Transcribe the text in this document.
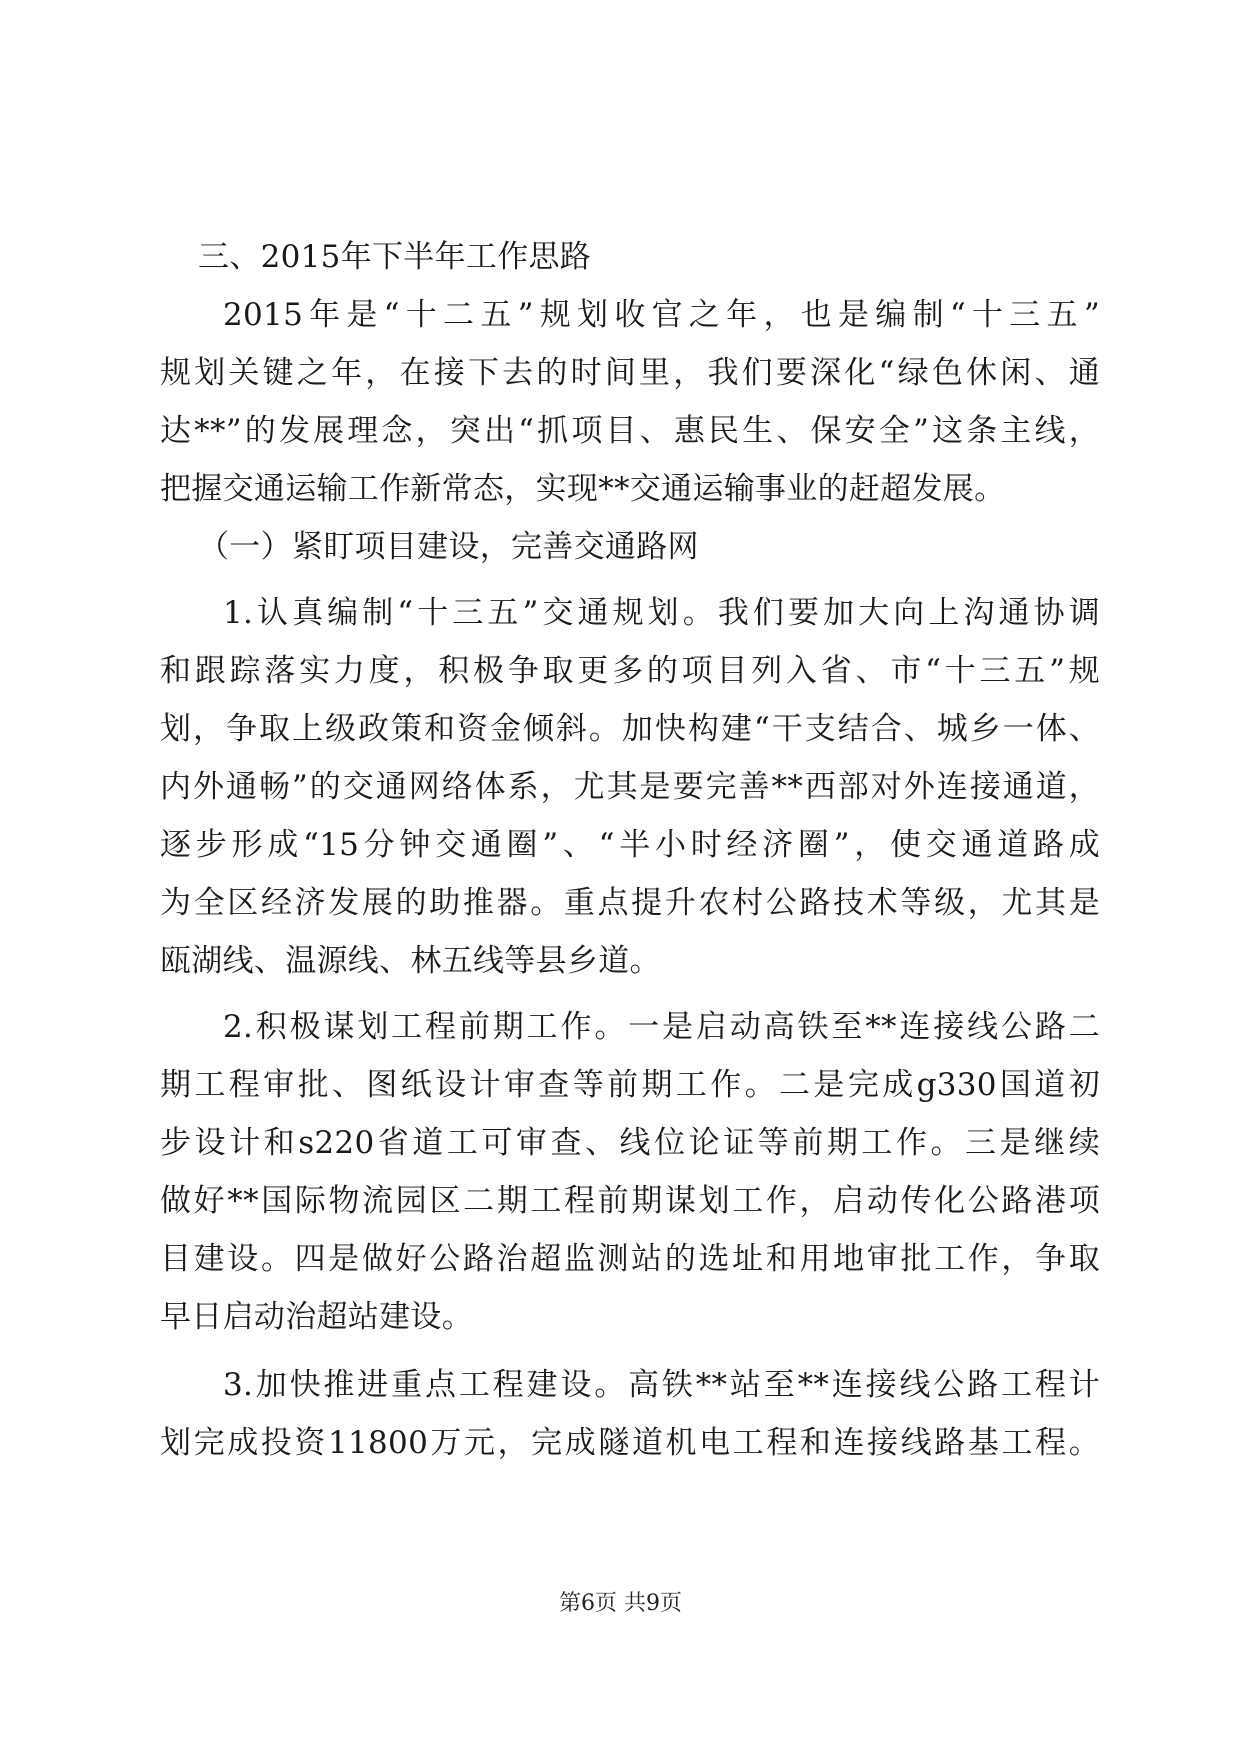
三、2015年下半年工作思路
2015年是“十二五”规划收官之年，也是编制“十三五”
规划关键之年，在接下去的时间里，我们要深化“绿色休闲、通
达**”的发展理念，突出“抓项目、惠民生、保安全”这条主线，
把握交通运输工作新常态，实现**交通运输事业的赶超发展。
（一）紧盯项目建设，完善交通路网
1.认真编制“十三五”交通规划。我们要加大向上沟通协调
和跟踪落实力度，积极争取更多的项目列入省、市“十三五”规
划，争取上级政策和资金倾斜。加快构建“干支结合、城乡一体、
内外通畅”的交通网络体系，尤其是要完善**西部对外连接通道，
逐步形成“15分钟交通圈”、“半小时经济圈”，使交通道路成
为全区经济发展的助推器。重点提升农村公路技术等级，尤其是
瓯湖线、温源线、林五线等县乡道。
2.积极谋划工程前期工作。一是启动高铁至**连接线公路二
期工程审批、图纸设计审查等前期工作。二是完成g330国道初
步设计和s220省道工可审查、线位论证等前期工作。三是继续
做好**国际物流园区二期工程前期谋划工作，启动传化公路港项
目建设。四是做好公路治超监测站的选址和用地审批工作，争取
早日启动治超站建设。
3.加快推进重点工程建设。高铁**站至**连接线公路工程计
划完成投资11800万元，完成隧道机电工程和连接线路基工程。
第6页 共9页
